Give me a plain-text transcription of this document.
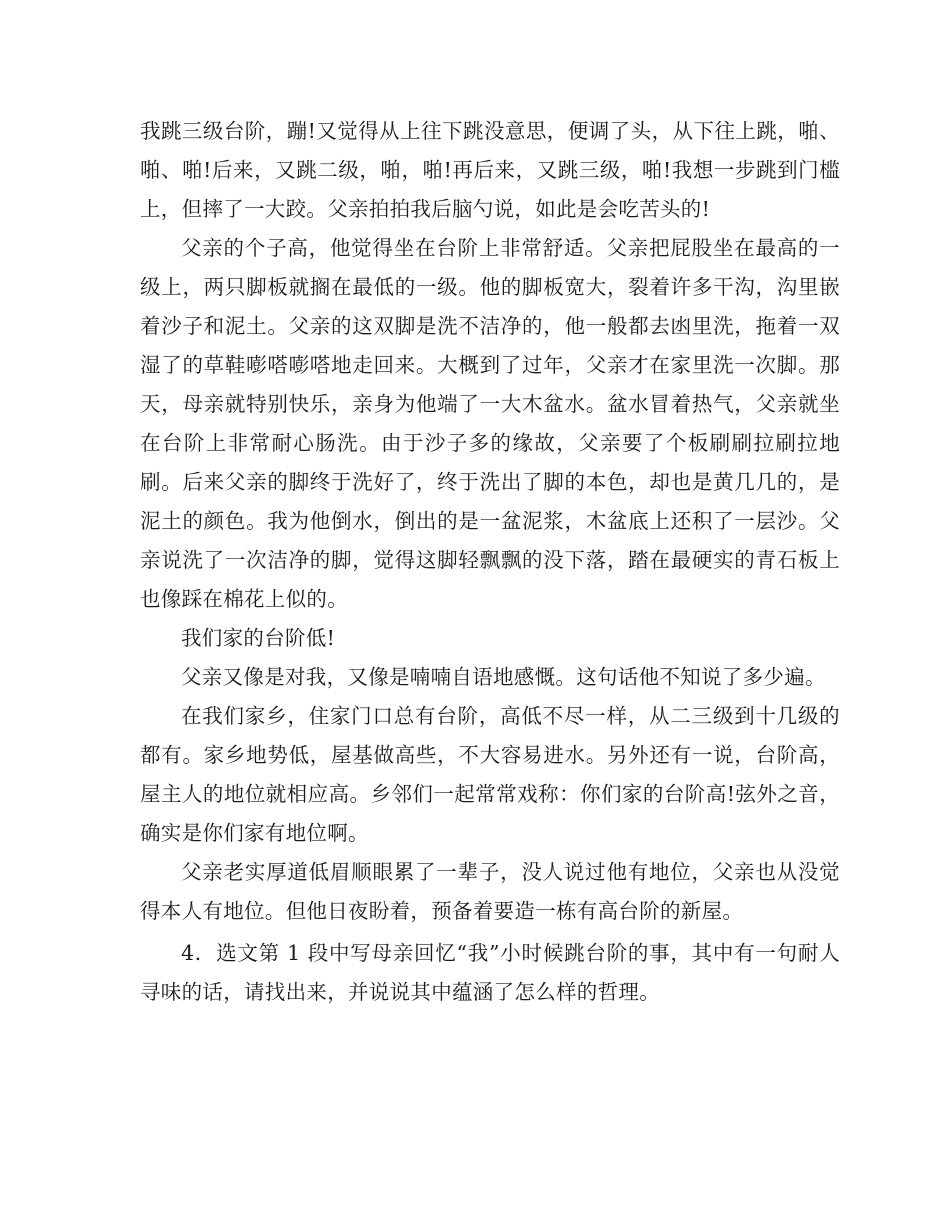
我跳三级台阶，蹦!又觉得从上往下跳没意思，便调了头，从下往上跳，啪、啪、啪!后来，又跳二级，啪，啪!再后来，又跳三级，啪!我想一步跳到门槛上，但摔了一大跤。父亲拍拍我后脑勺说，如此是会吃苦头的!

父亲的个子高，他觉得坐在台阶上非常舒适。父亲把屁股坐在最高的一级上，两只脚板就搁在最低的一级。他的脚板宽大，裂着许多干沟，沟里嵌着沙子和泥土。父亲的这双脚是洗不洁净的，他一般都去凼里洗，拖着一双湿了的草鞋嘭嗒嘭嗒地走回来。大概到了过年，父亲才在家里洗一次脚。那天，母亲就特别快乐，亲身为他端了一大木盆水。盆水冒着热气，父亲就坐在台阶上非常耐心肠洗。由于沙子多的缘故，父亲要了个板刷刷拉刷拉地刷。后来父亲的脚终于洗好了，终于洗出了脚的本色，却也是黄几几的，是泥土的颜色。我为他倒水，倒出的是一盆泥浆，木盆底上还积了一层沙。父亲说洗了一次洁净的脚，觉得这脚轻飘飘的没下落，踏在最硬实的青石板上也像踩在棉花上似的。

我们家的台阶低!

父亲又像是对我，又像是喃喃自语地感慨。这句话他不知说了多少遍。

在我们家乡，住家门口总有台阶，高低不尽一样，从二三级到十几级的都有。家乡地势低，屋基做高些，不大容易进水。另外还有一说，台阶高，屋主人的地位就相应高。乡邻们一起常常戏称：你们家的台阶高!弦外之音，确实是你们家有地位啊。

父亲老实厚道低眉顺眼累了一辈子，没人说过他有地位，父亲也从没觉得本人有地位。但他日夜盼着，预备着要造一栋有高台阶的新屋。

4．选文第 1 段中写母亲回忆“我”小时候跳台阶的事，其中有一句耐人寻味的话，请找出来，并说说其中蕴涵了怎么样的哲理。
